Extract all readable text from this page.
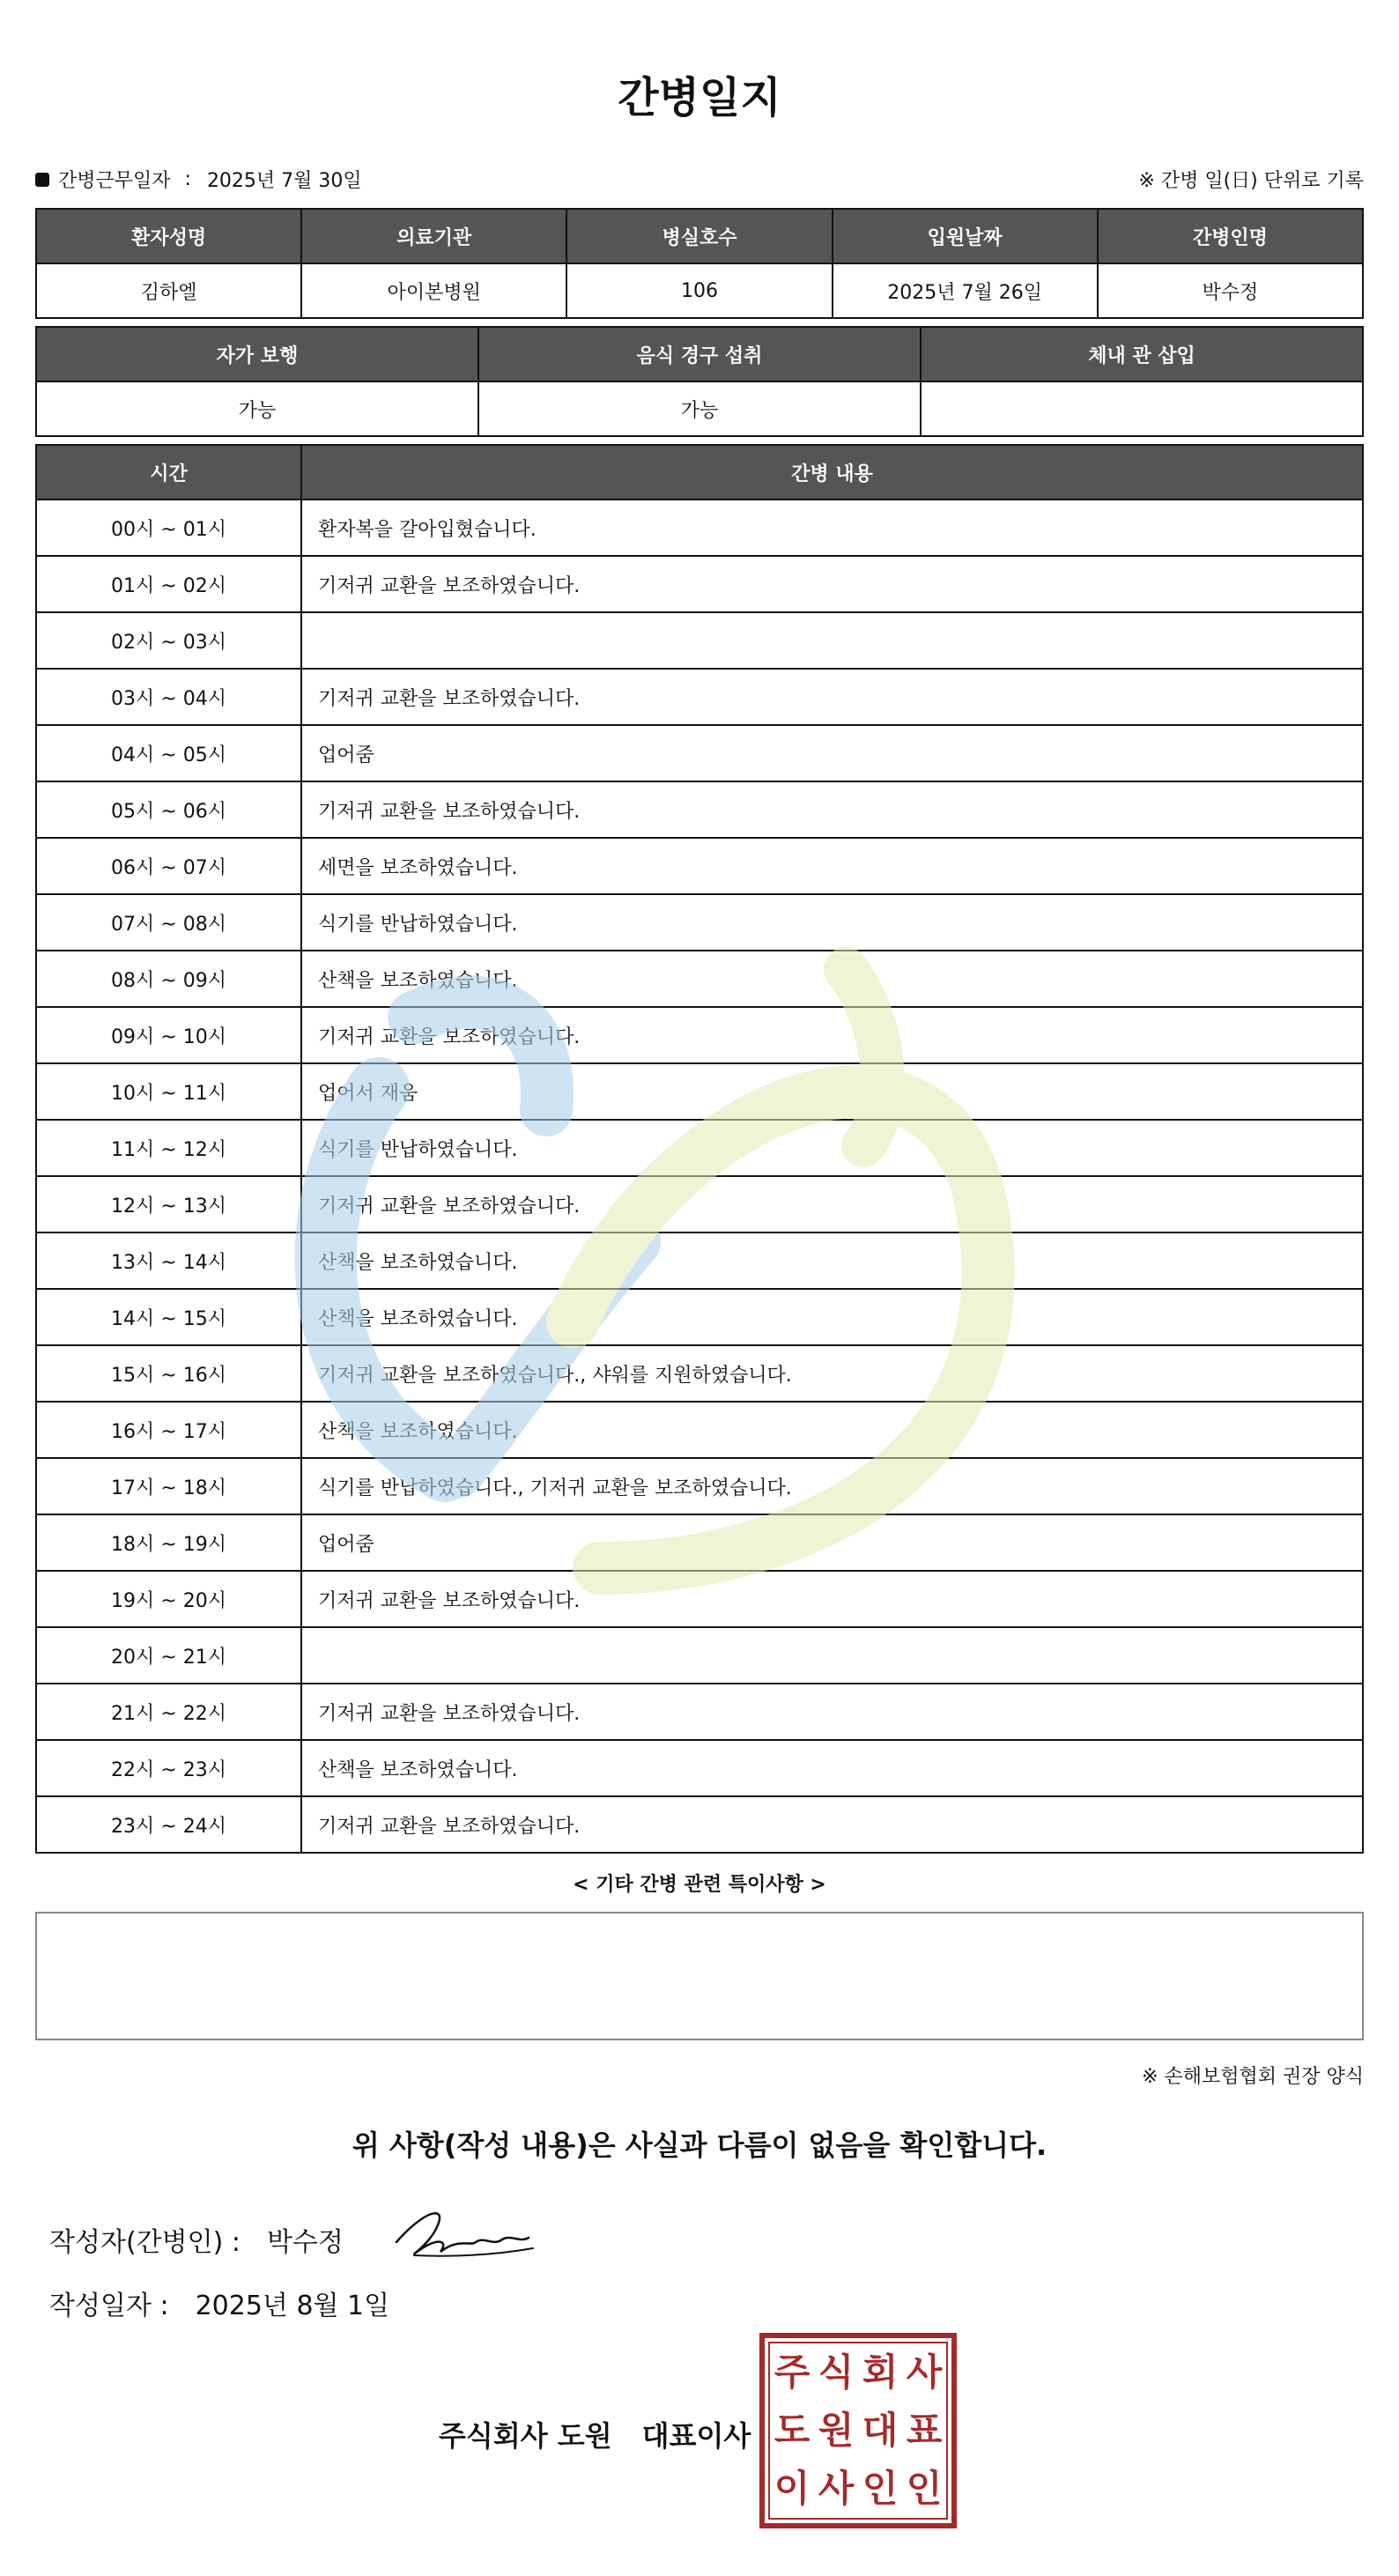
간병일지
간병근무일자 : 2025년 7월 30일	※ 간병 일(日) 단위로 기록
환자성명	의료기관	병실호수	입원날짜	간병인명
김하엘	아이본병원	106	2025년 7월 26일	박수정
자가 보행	음식 경구 섭취	체내 관 삽입
가능	가능	
시간	간병 내용
00시 ~ 01시	환자복을 갈아입혔습니다.
01시 ~ 02시	기저귀 교환을 보조하였습니다.
02시 ~ 03시	
03시 ~ 04시	기저귀 교환을 보조하였습니다.
04시 ~ 05시	업어줌
05시 ~ 06시	기저귀 교환을 보조하였습니다.
06시 ~ 07시	세면을 보조하였습니다.
07시 ~ 08시	식기를 반납하였습니다.
08시 ~ 09시	산책을 보조하였습니다.
09시 ~ 10시	기저귀 교환을 보조하였습니다.
10시 ~ 11시	업어서 재움
11시 ~ 12시	식기를 반납하였습니다.
12시 ~ 13시	기저귀 교환을 보조하였습니다.
13시 ~ 14시	산책을 보조하였습니다.
14시 ~ 15시	산책을 보조하였습니다.
15시 ~ 16시	기저귀 교환을 보조하였습니다., 샤워를 지원하였습니다.
16시 ~ 17시	산책을 보조하였습니다.
17시 ~ 18시	식기를 반납하였습니다., 기저귀 교환을 보조하였습니다.
18시 ~ 19시	업어줌
19시 ~ 20시	기저귀 교환을 보조하였습니다.
20시 ~ 21시	
21시 ~ 22시	기저귀 교환을 보조하였습니다.
22시 ~ 23시	산책을 보조하였습니다.
23시 ~ 24시	기저귀 교환을 보조하였습니다.
< 기타 간병 관련 특이사항 >
※ 손해보험협회 권장 양식
위 사항(작성 내용)은 사실과 다름이 없음을 확인합니다.
작성자(간병인) : 박수정
작성일자 : 2025년 8월 1일
주식회사 도원 대표이사
주 식 회 사
도 원 대 표
이 사 인 인
